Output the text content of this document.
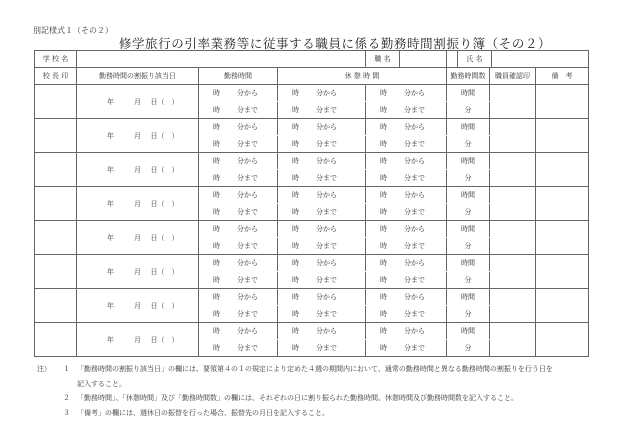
別記様式１（その２）
修学旅行の引率業務等に従事する職員に係る勤務時間割振り簿（その２）
学 校 名				職 名	氏 名		

校 長 印	勤務時間の割振り該当日	勤務時間	休 憩 時 間		勤務時間数	職員確認印	備　考
	年 月 日（　）	時 分から	時 分から	時 分から	時間		
		時 分まで	時 分まで	時 分まで	分		
	年 月 日（　）	時 分から	時 分から	時 分から	時間		
		時 分まで	時 分まで	時 分まで	分		
	年 月 日（　）	時 分から	時 分から	時 分から	時間		
		時 分まで	時 分まで	時 分まで	分		
	年 月 日（　）	時 分から	時 分から	時 分から	時間		
		時 分まで	時 分まで	時 分まで	分		
	年 月 日（　）	時 分から	時 分から	時 分から	時間		
		時 分まで	時 分まで	時 分まで	分		
	年 月 日（　）	時 分から	時 分から	時 分から	時間		
		時 分まで	時 分まで	時 分まで	分		
	年 月 日（　）	時 分から	時 分から	時 分から	時間		
		時 分まで	時 分まで	時 分まで	分		
	年 月 日（　）	時 分から	時 分から	時 分から	時間		
		時 分まで	時 分まで	時 分まで	分		
注） １ 「勤務時間の割振り該当日」の欄には、要領第４の１の規定により定めた４週の期間内において、通常の勤務時間と異なる勤務時間の割振りを行う日を
記入すること。
２ 「勤務時間」、「休憩時間」及び「勤務時間数」の欄には、それぞれの日に割り振られた勤務時間、休憩時間及び勤務時間数を記入すること。
３ 「備考」の欄には、週休日の振替を行った場合、振替先の月日を記入すること。
